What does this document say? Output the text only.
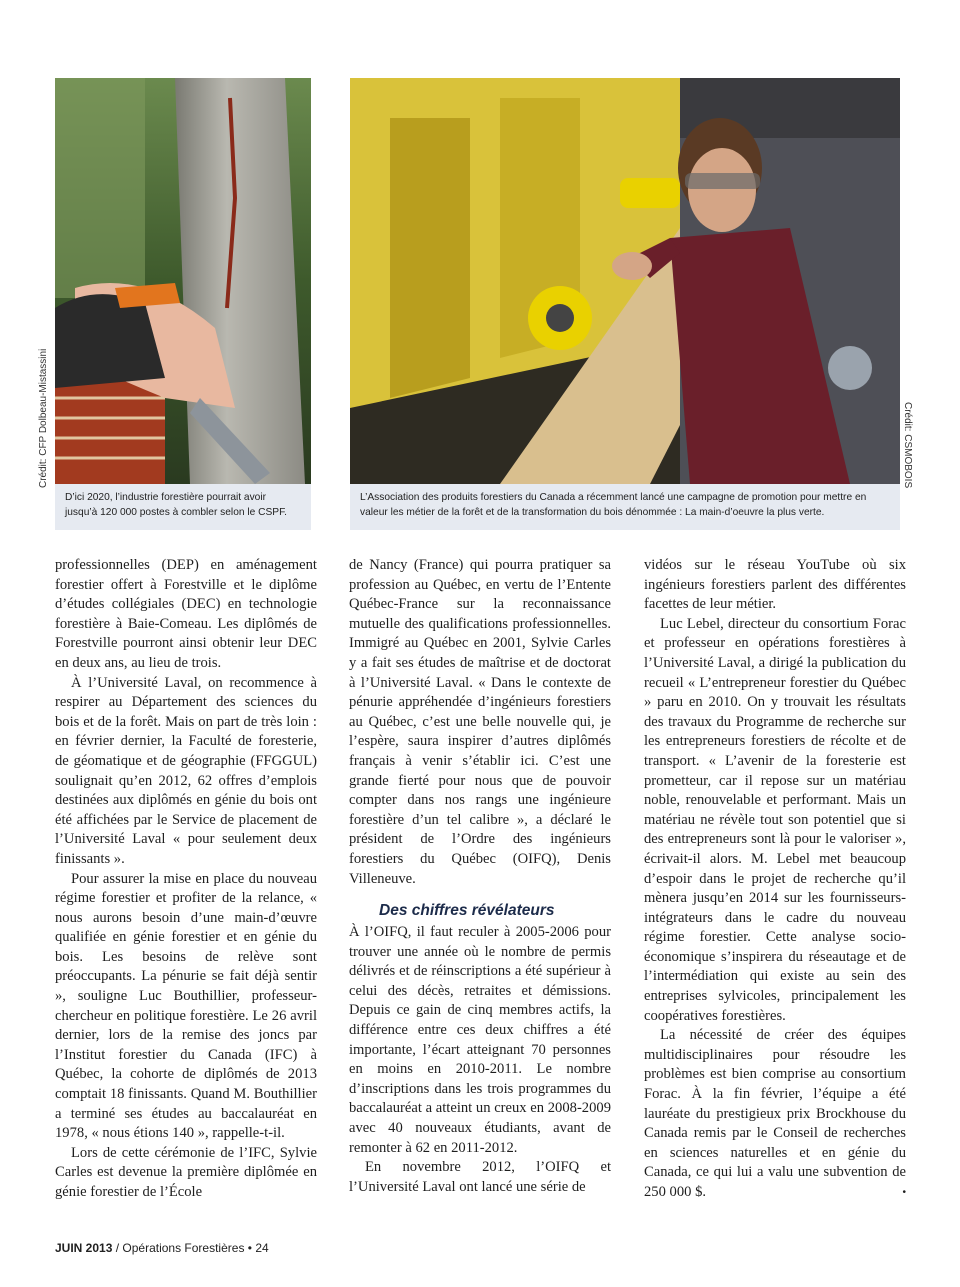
Crédit: CFP Dolbeau-Mistassini
D’ici 2020, l’industrie forestière pourrait avoir jusqu’à 120 000 postes à combler selon le CSPF.
Crédit: CSMOBOIS
L’Association des produits forestiers du Canada a récemment lancé une campagne de promotion pour mettre en valeur les métier de la forêt et de la transformation du bois dénommée : La main-d’oeuvre la plus verte.

professionnelles (DEP) en aménagement forestier offert à Forestville et le diplôme d’études collégiales (DEC) en technologie forestière à Baie-Comeau. Les diplômés de Forestville pourront ainsi obtenir leur DEC en deux ans, au lieu de trois.

À l’Université Laval, on recommence à respirer au Département des sciences du bois et de la forêt. Mais on part de très loin : en février dernier, la Faculté de foresterie, de géomatique et de géographie (FFGGUL) soulignait qu’en 2012, 62 offres d’emplois destinées aux diplômés en génie du bois ont été affichées par le Service de placement de l’Université Laval « pour seulement deux finissants ».

Pour assurer la mise en place du nouveau régime forestier et profiter de la relance, « nous aurons besoin d’une main-d’œuvre qualifiée en génie forestier et en génie du bois. Les besoins de relève sont préoccupants. La pénurie se fait déjà sentir », souligne Luc Bouthillier, professeur-chercheur en politique forestière. Le 26 avril dernier, lors de la remise des joncs par l’Institut forestier du Canada (IFC) à Québec, la cohorte de diplômés de 2013 comptait 18 finissants. Quand M. Bouthillier a terminé ses études au baccalauréat en 1978, « nous étions 140 », rappelle-t-il.

Lors de cette cérémonie de l’IFC, Sylvie Carles est devenue la première diplômée en génie forestier de l’École

de Nancy (France) qui pourra pratiquer sa profession au Québec, en vertu de l’Entente Québec-France sur la reconnaissance mutuelle des qualifications professionnelles. Immigré au Québec en 2001, Sylvie Carles y a fait ses études de maîtrise et de doctorat à l’Université Laval. « Dans le contexte de pénurie appréhendée d’ingénieurs forestiers au Québec, c’est une belle nouvelle qui, je l’espère, saura inspirer d’autres diplômés français à venir s’établir ici. C’est une grande fierté pour nous que de pouvoir compter dans nos rangs une ingénieure forestière d’un tel calibre », a déclaré le président de l’Ordre des ingénieurs forestiers du Québec (OIFQ), Denis Villeneuve.

Des chiffres révélateurs

À l’OIFQ, il faut reculer à 2005-2006 pour trouver une année où le nombre de permis délivrés et de réinscriptions a été supérieur à celui des décès, retraites et démissions. Depuis ce gain de cinq membres actifs, la différence entre ces deux chiffres a été importante, l’écart atteignant 70 personnes en moins en 2010-2011. Le nombre d’inscriptions dans les trois programmes du baccalauréat a atteint un creux en 2008-2009 avec 40 nouveaux étudiants, avant de remonter à 62 en 2011-2012.

En novembre 2012, l’OIFQ et l’Université Laval ont lancé une série de

vidéos sur le réseau YouTube où six ingénieurs forestiers parlent des différentes facettes de leur métier.

Luc Lebel, directeur du consortium Forac et professeur en opérations forestières à l’Université Laval, a dirigé la publication du recueil « L’entrepreneur forestier du Québec » paru en 2010. On y trouvait les résultats des travaux du Programme de recherche sur les entrepreneurs forestiers de récolte et de transport. « L’avenir de la foresterie est prometteur, car il repose sur un matériau noble, renouvelable et performant. Mais un matériau ne révèle tout son potentiel que si des entrepreneurs sont là pour le valoriser », écrivait-il alors. M. Lebel met beaucoup d’espoir dans le projet de recherche qu’il mènera jusqu’en 2014 sur les fournisseurs-intégrateurs dans le cadre du nouveau régime forestier. Cette analyse socio-économique s’inspirera du réseautage et de l’intermédiation qui existe au sein des entreprises sylvicoles, principalement les coopératives forestières.

La nécessité de créer des équipes multidisciplinaires pour résoudre les problèmes est bien comprise au consortium Forac. À la fin février, l’équipe a été lauréate du prestigieux prix Brockhouse du Canada remis par le Conseil de recherches en sciences naturelles et en génie du Canada, ce qui lui a valu une subvention de 250 000 $.	•

JUIN 2013 / Opérations Forestières • 24
